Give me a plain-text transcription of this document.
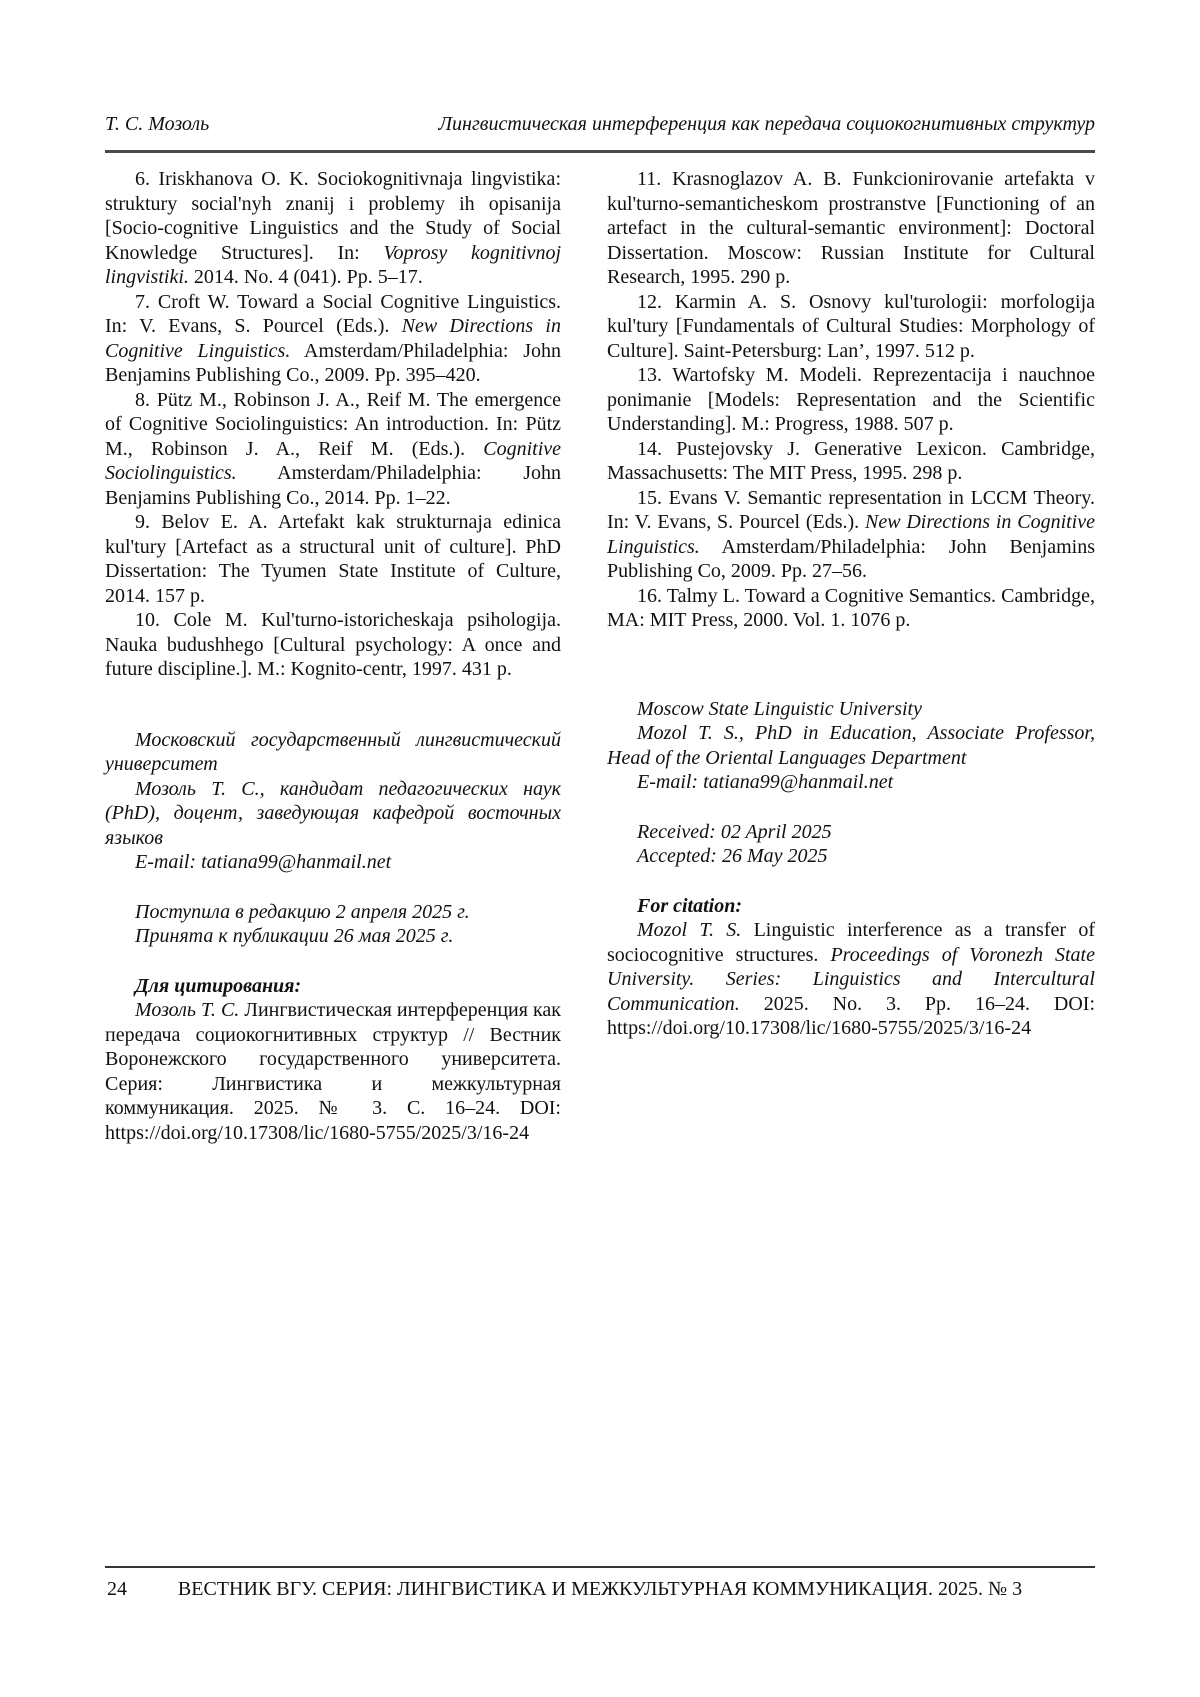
Т. С. Мозоль	Лингвистическая интерференция как передача социокогнитивных структур

6. Iriskhanova O. K. Sociokognitivnaja lingvistika: struktury social'nyh znanij i problemy ih opisanija [Socio-cognitive Linguistics and the Study of Social Knowledge Structures]. In: Voprosy kognitivnoj lingvistiki. 2014. No. 4 (041). Pp. 5–17.

7. Croft W. Toward a Social Cognitive Linguistics. In: V. Evans, S. Pourcel (Eds.). New Directions in Cognitive Linguistics. Amsterdam/Philadelphia: John Benjamins Publishing Co., 2009. Pp. 395–420.

8. Pütz M., Robinson J. A., Reif M. The emergence of Cognitive Sociolinguistics: An introduction. In: Pütz M., Robinson J. A., Reif M. (Eds.). Cognitive Sociolinguistics. Amsterdam/Philadelphia: John Benjamins Publishing Co., 2014. Pp. 1–22.

9. Belov E. A. Artefakt kak strukturnaja edinica kul'tury [Artefact as a structural unit of culture]. PhD Dissertation: The Tyumen State Institute of Culture, 2014. 157 p.

10. Cole M. Kul'turno-istoricheskaja psihologija. Nauka budushhego [Cultural psychology: A once and future discipline.]. M.: Kognito-centr, 1997. 431 p.

Московский государственный лингвистический университет

Мозоль Т. С., кандидат педагогических наук (PhD), доцент, заведующая кафедрой восточных языков

E-mail: tatiana99@hanmail.net

Поступила в редакцию 2 апреля 2025 г.

Принята к публикации 26 мая 2025 г.

Для цитирования:

Мозоль Т. С. Лингвистическая интерференция как передача социокогнитивных структур // Вестник Воронежского государственного университета. Серия: Лингвистика и межкультурная коммуникация. 2025. № 3. С. 16–24. DOI: https://doi.org/10.17308/lic/1680-5755/2025/3/16-24

11. Krasnoglazov A. B. Funkcionirovanie artefakta v kul'turno-semanticheskom prostranstve [Functioning of an artefact in the cultural-semantic environment]: Doctoral Dissertation. Moscow: Russian Institute for Cultural Research, 1995. 290 p.

12. Karmin A. S. Osnovy kul'turologii: morfologija kul'tury [Fundamentals of Cultural Studies: Morphology of Culture]. Saint-Petersburg: Lan’, 1997. 512 p.

13. Wartofsky M. Modeli. Reprezentacija i nauchnoe ponimanie [Models: Representation and the Scientific Understanding]. M.: Progress, 1988. 507 p.

14. Pustejovsky J. Generative Lexicon. Cambridge, Massachusetts: The MIT Press, 1995. 298 p.

15. Evans V. Semantic representation in LCCM Theory. In: V. Evans, S. Pourcel (Eds.). New Directions in Cognitive Linguistics. Amsterdam/Philadelphia: John Benjamins Publishing Co, 2009. Pp. 27–56.

16. Talmy L. Toward a Cognitive Semantics. Cambridge, MA: MIT Press, 2000. Vol. 1. 1076 p.

Moscow State Linguistic University

Mozol T. S., PhD in Education, Associate Professor, Head of the Oriental Languages Department

E-mail: tatiana99@hanmail.net

Received: 02 April 2025

Accepted: 26 May 2025

For citation:

Mozol T. S. Linguistic interference as a transfer of sociocognitive structures. Proceedings of Voronezh State University. Series: Linguistics and Intercultural Communication. 2025. No. 3. Pp. 16–24. DOI: https://doi.org/10.17308/lic/1680-5755/2025/3/16-24

24	ВЕСТНИК ВГУ. СЕРИЯ: ЛИНГВИСТИКА И МЕЖКУЛЬТУРНАЯ КОММУНИКАЦИЯ. 2025. № 3
